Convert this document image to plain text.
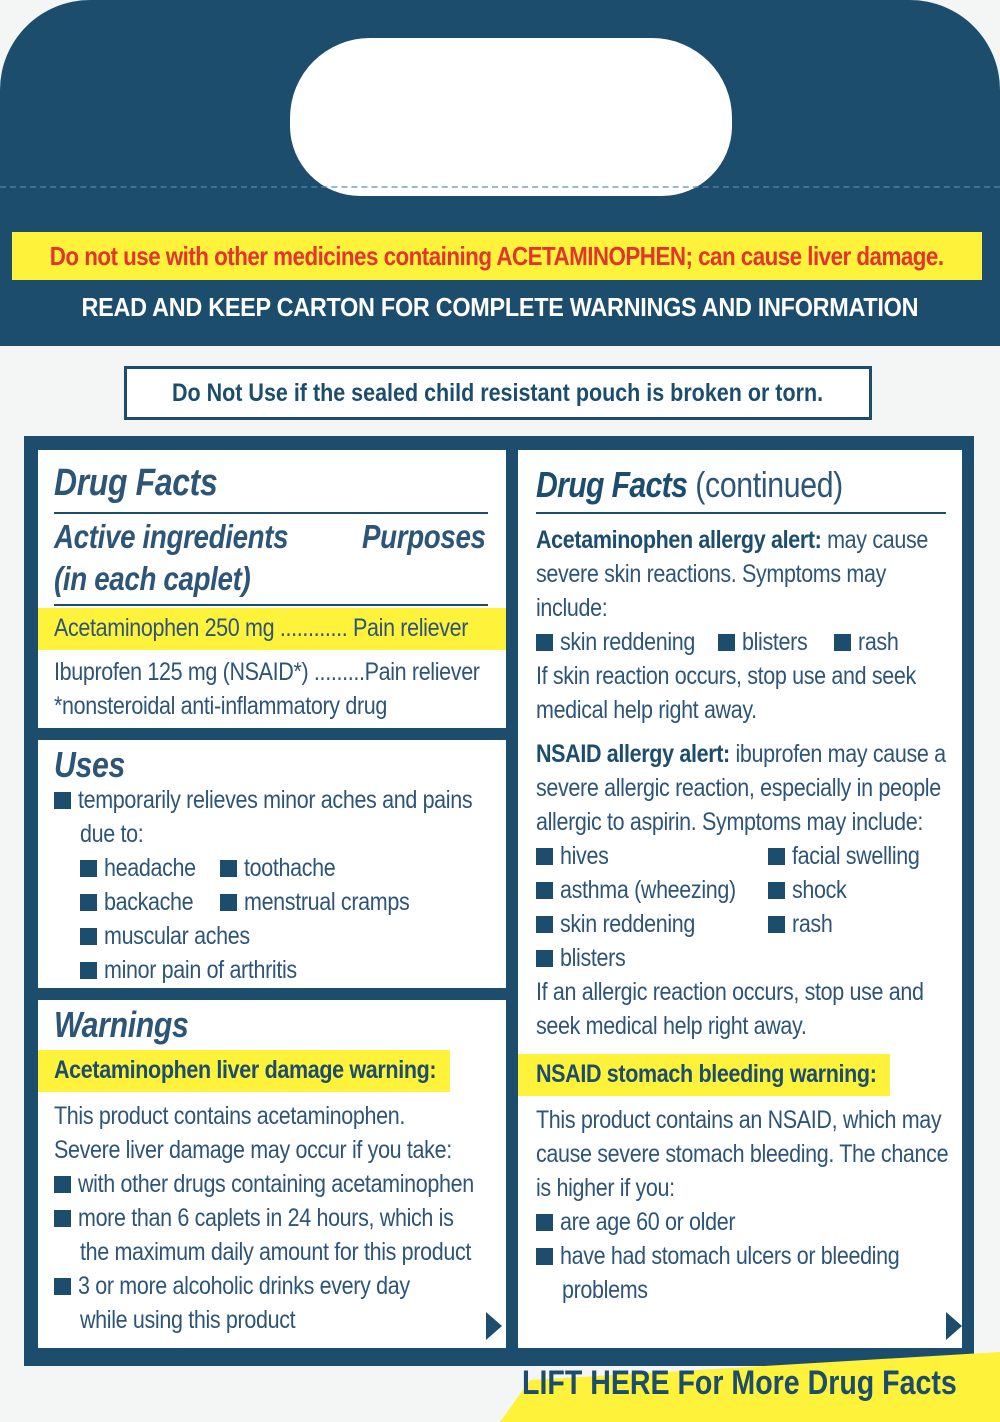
Do not use with other medicines containing ACETAMINOPHEN; can cause liver damage.
READ AND KEEP CARTON FOR COMPLETE WARNINGS AND INFORMATION
Do Not Use if the sealed child resistant pouch is broken or torn.
Drug Facts
Active ingredients
(in each caplet)
Purposes
Acetaminophen 250 mg ............ Pain reliever
Ibuprofen 125 mg (NSAID*) .........Pain reliever
*nonsteroidal anti-inflammatory drug
Uses
temporarily relieves minor aches and pains
due to:
headache	toothache
backache	menstrual cramps
muscular aches
minor pain of arthritis
Warnings
Acetaminophen liver damage warning:
This product contains acetaminophen.
Severe liver damage may occur if you take:
with other drugs containing acetaminophen
more than 6 caplets in 24 hours, which is
the maximum daily amount for this product
3 or more alcoholic drinks every day
while using this product
Drug Facts (continued)
Acetaminophen allergy alert: may cause
severe skin reactions. Symptoms may
include:
skin reddening	blisters	rash
If skin reaction occurs, stop use and seek
medical help right away.
NSAID allergy alert: ibuprofen may cause a
severe allergic reaction, especially in people
allergic to aspirin. Symptoms may include:
hives	facial swelling
asthma (wheezing)	shock
skin reddening	rash
blisters
If an allergic reaction occurs, stop use and
seek medical help right away.
NSAID stomach bleeding warning:
This product contains an NSAID, which may
cause severe stomach bleeding. The chance
is higher if you:
are age 60 or older
have had stomach ulcers or bleeding
problems
LIFT HERE For More Drug Facts
